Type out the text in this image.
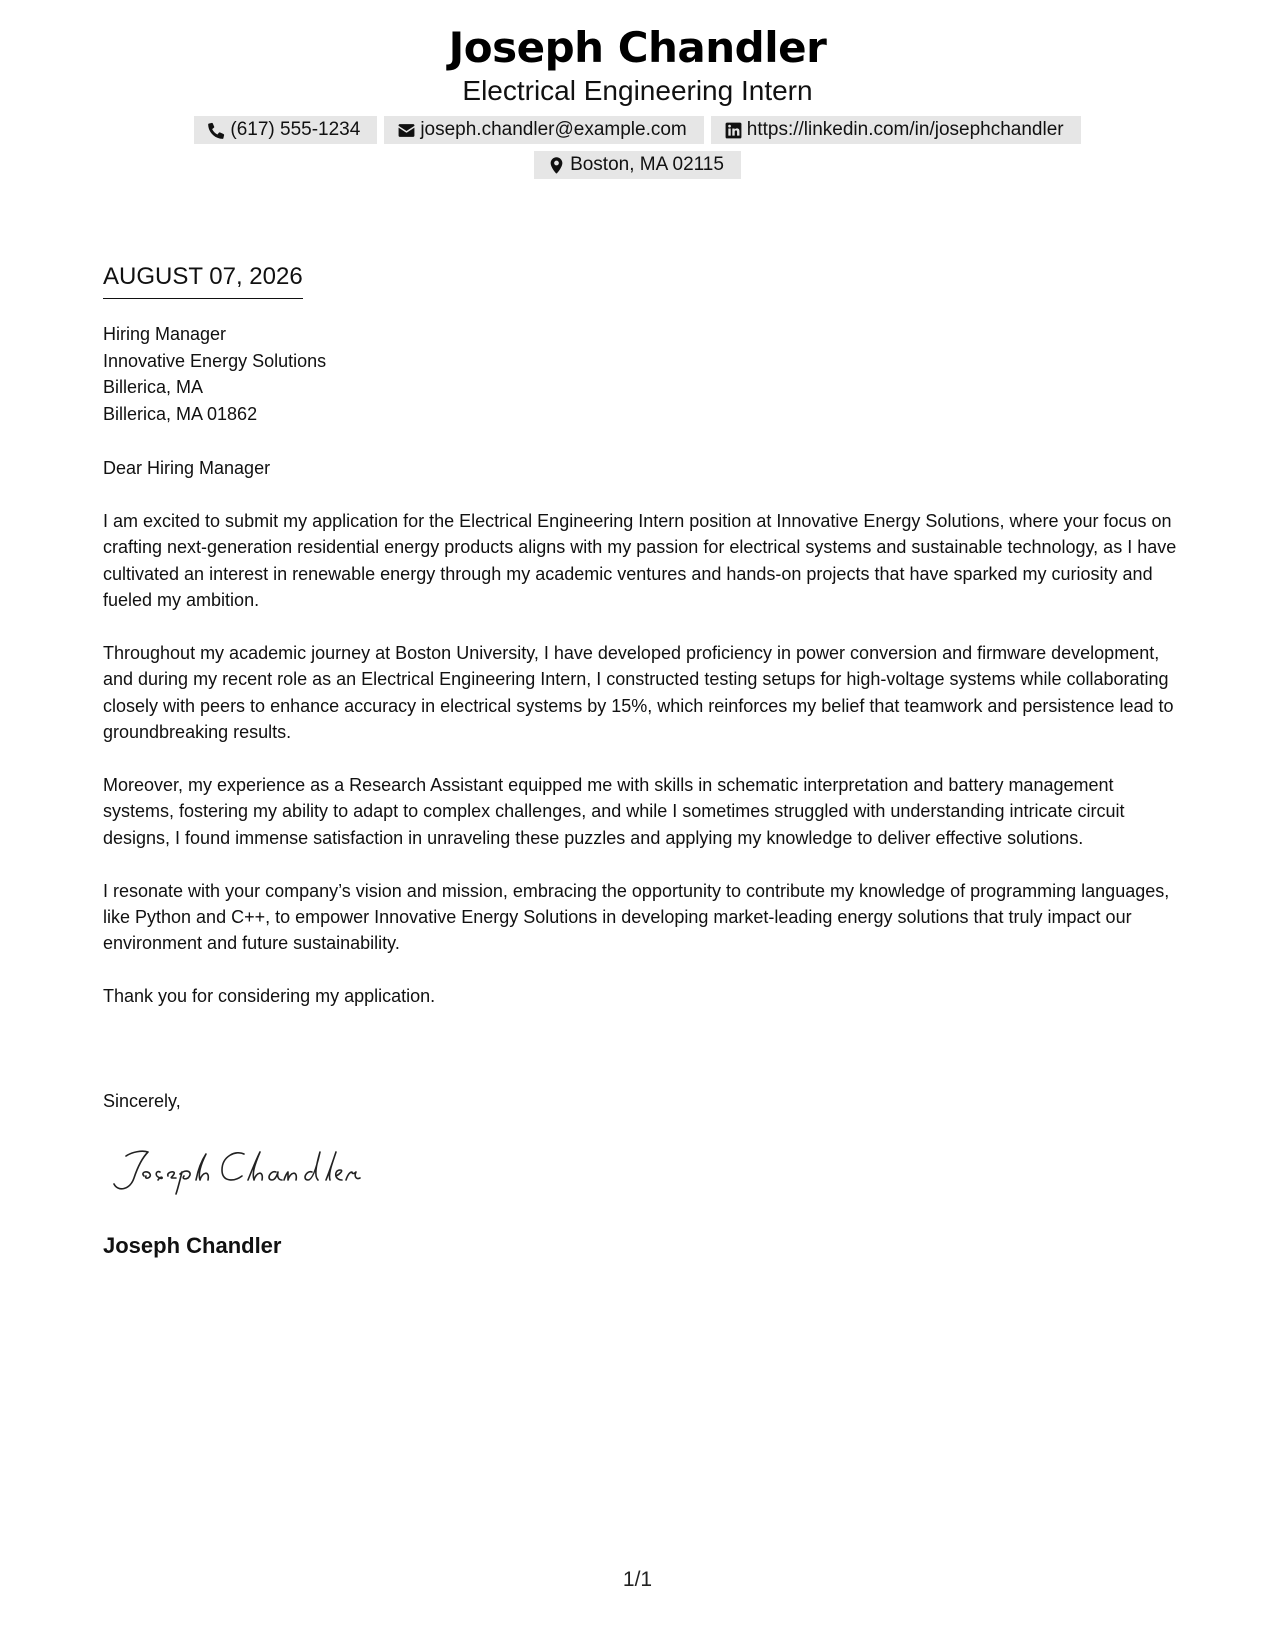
Joseph Chandler
Electrical Engineering Intern
(617) 555-1234	joseph.chandler@example.com	https://linkedin.com/in/josephchandler
Boston, MA 02115
AUGUST 07, 2026
Hiring Manager
Innovative Energy Solutions
Billerica, MA
Billerica, MA 01862
Dear Hiring Manager

I am excited to submit my application for the Electrical Engineering Intern position at Innovative Energy Solutions, where your focus on crafting next-generation residential energy products aligns with my passion for electrical systems and sustainable technology, as I have cultivated an interest in renewable energy through my academic ventures and hands-on projects that have sparked my curiosity and fueled my ambition.

Throughout my academic journey at Boston University, I have developed proficiency in power conversion and firmware development, and during my recent role as an Electrical Engineering Intern, I constructed testing setups for high-voltage systems while collaborating closely with peers to enhance accuracy in electrical systems by 15%, which reinforces my belief that teamwork and persistence lead to groundbreaking results.

Moreover, my experience as a Research Assistant equipped me with skills in schematic interpretation and battery management systems, fostering my ability to adapt to complex challenges, and while I sometimes struggled with understanding intricate circuit designs, I found immense satisfaction in unraveling these puzzles and applying my knowledge to deliver effective solutions.

I resonate with your company’s vision and mission, embracing the opportunity to contribute my knowledge of programming languages, like Python and C++, to empower Innovative Energy Solutions in developing market-leading energy solutions that truly impact our environment and future sustainability.

Thank you for considering my application.

Sincerely,
Joseph Chandler
1/1
